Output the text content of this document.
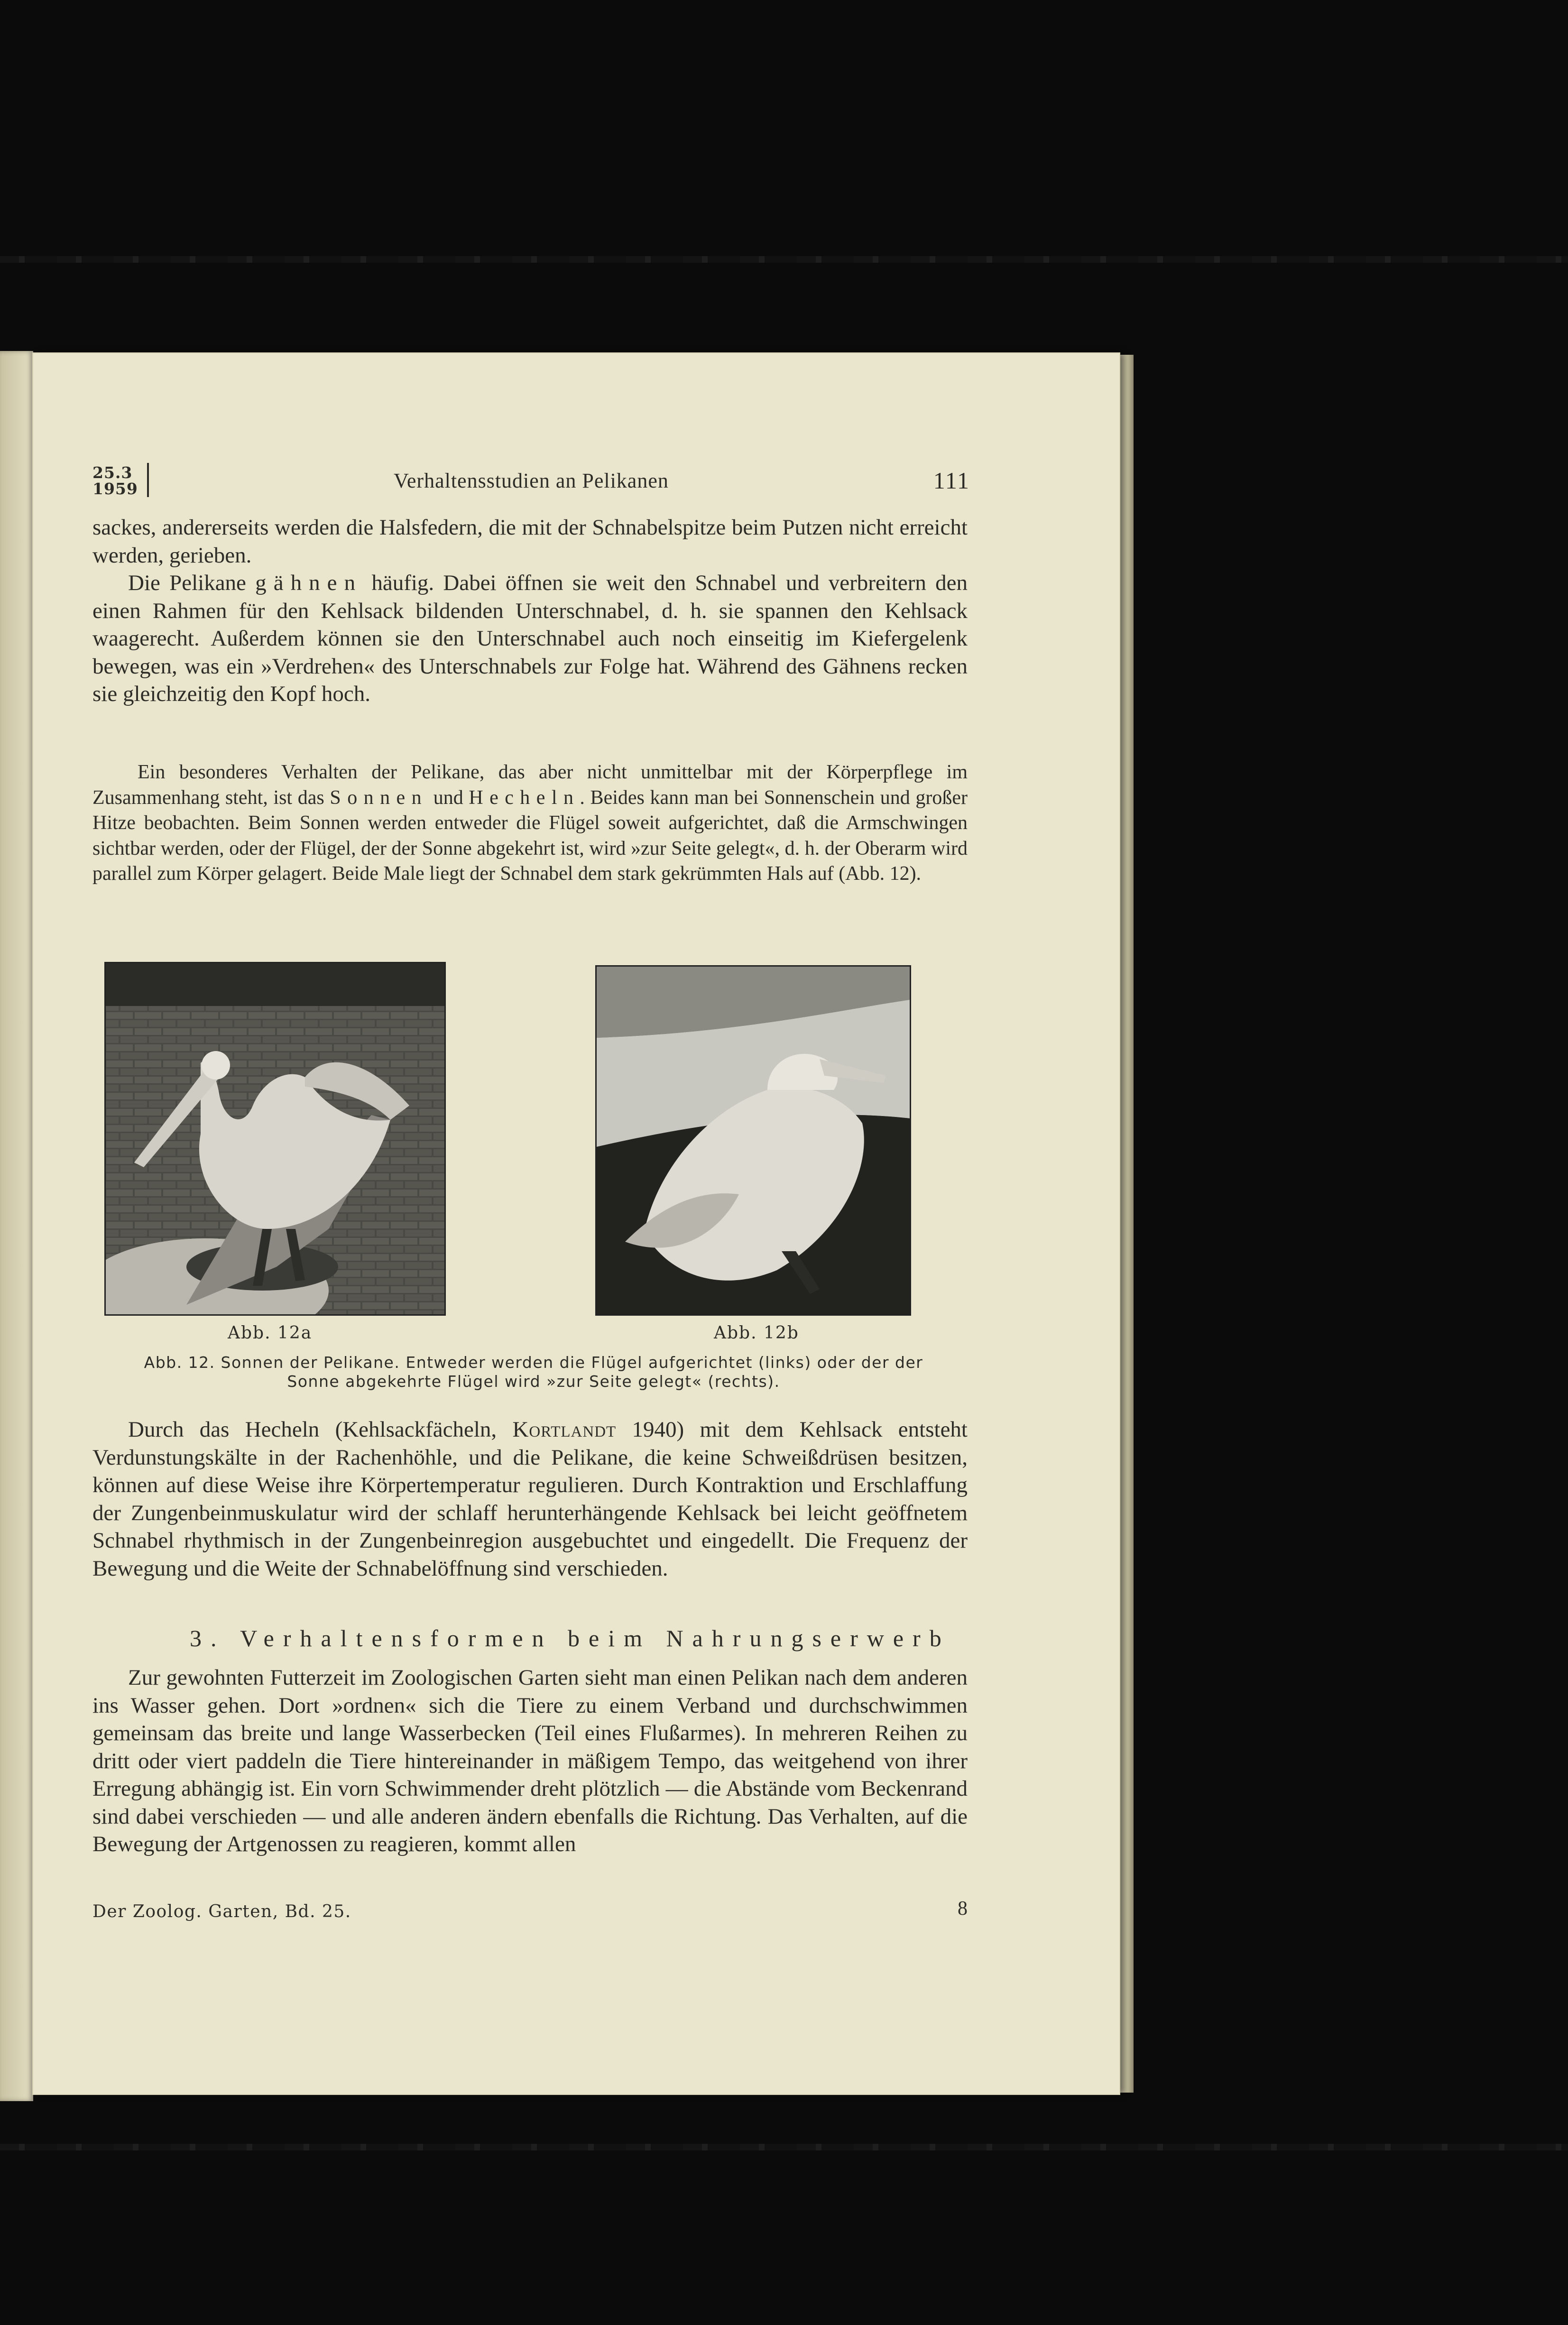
25.3
1959	Verhaltensstudien an Pelikanen	111

sackes, andererseits werden die Halsfedern, die mit der Schnabelspitze beim Putzen nicht erreicht werden, gerieben.

Die Pelikane gähnen häufig. Dabei öffnen sie weit den Schnabel und verbreitern den einen Rahmen für den Kehlsack bildenden Unterschnabel, d. h. sie spannen den Kehlsack waagerecht. Außerdem können sie den Unterschnabel auch noch einseitig im Kiefergelenk bewegen, was ein »Verdrehen« des Unterschnabels zur Folge hat. Während des Gähnens recken sie gleichzeitig den Kopf hoch.

Ein besonderes Verhalten der Pelikane, das aber nicht unmittelbar mit der Körperpflege im Zusammenhang steht, ist das Sonnen und Hecheln. Beides kann man bei Sonnenschein und großer Hitze beobachten. Beim Sonnen werden entweder die Flügel soweit aufgerichtet, daß die Armschwingen sichtbar werden, oder der Flügel, der der Sonne abgekehrt ist, wird »zur Seite gelegt«, d. h. der Oberarm wird parallel zum Körper gelagert. Beide Male liegt der Schnabel dem stark gekrümmten Hals auf (Abb. 12).
Abb. 12a	Abb. 12b
Abb. 12. Sonnen der Pelikane. Entweder werden die Flügel aufgerichtet (links) oder der der Sonne abgekehrte Flügel wird »zur Seite gelegt« (rechts).
Durch das Hecheln (Kehlsackfächeln, Kortlandt 1940) mit dem Kehlsack entsteht Verdunstungskälte in der Rachenhöhle, und die Pelikane, die keine Schweißdrüsen besitzen, können auf diese Weise ihre Körpertemperatur regulieren. Durch Kontraktion und Erschlaffung der Zungenbeinmuskulatur wird der schlaff herunterhängende Kehlsack bei leicht geöffnetem Schnabel rhythmisch in der Zungenbeinregion ausgebuchtet und eingedellt. Die Frequenz der Bewegung und die Weite der Schnabelöffnung sind verschieden.
3. Verhaltensformen beim Nahrungserwerb
Zur gewohnten Futterzeit im Zoologischen Garten sieht man einen Pelikan nach dem anderen ins Wasser gehen. Dort »ordnen« sich die Tiere zu einem Verband und durchschwimmen gemeinsam das breite und lange Wasserbecken (Teil eines Flußarmes). In mehreren Reihen zu dritt oder viert paddeln die Tiere hintereinander in mäßigem Tempo, das weitgehend von ihrer Erregung abhängig ist. Ein vorn Schwimmender dreht plötzlich — die Abstände vom Beckenrand sind dabei verschieden — und alle anderen ändern ebenfalls die Richtung. Das Verhalten, auf die Bewegung der Artgenossen zu reagieren, kommt allen
Der Zoolog. Garten, Bd. 25.	8
